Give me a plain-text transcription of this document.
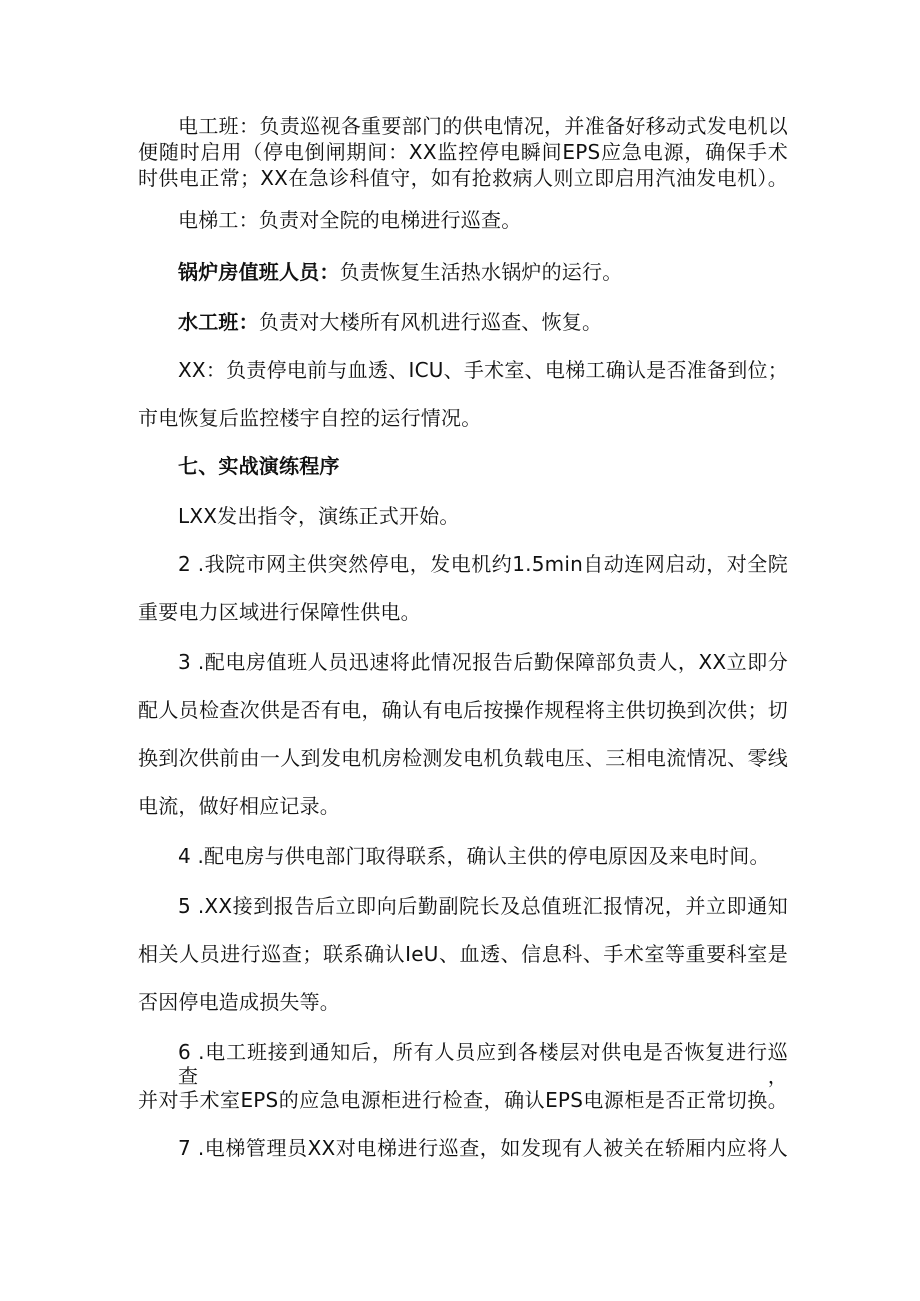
电工班：负责巡视各重要部门的供电情况，并准备好移动式发电机以
便随时启用（停电倒闸期间：XX监控停电瞬间EPS应急电源，确保手术
时供电正常；XX在急诊科值守，如有抢救病人则立即启用汽油发电机）。
电梯工：负责对全院的电梯进行巡查。
锅炉房值班人员：负责恢复生活热水锅炉的运行。
水工班：负责对大楼所有风机进行巡查、恢复。
XX：负责停电前与血透、ICU、手术室、电梯工确认是否准备到位；
市电恢复后监控楼宇自控的运行情况。
七、实战演练程序
LXX发出指令，演练正式开始。
2 .我院市网主供突然停电，发电机约1.5min自动连网启动，对全院
重要电力区域进行保障性供电。
3 .配电房值班人员迅速将此情况报告后勤保障部负责人，XX立即分
配人员检查次供是否有电，确认有电后按操作规程将主供切换到次供；切
换到次供前由一人到发电机房检测发电机负载电压、三相电流情况、零线
电流，做好相应记录。
4 .配电房与供电部门取得联系，确认主供的停电原因及来电时间。
5 .XX接到报告后立即向后勤副院长及总值班汇报情况，并立即通知
相关人员进行巡查；联系确认IeU、血透、信息科、手术室等重要科室是
否因停电造成损失等。
6 .电工班接到通知后，所有人员应到各楼层对供电是否恢复进行巡查，
并对手术室EPS的应急电源柜进行检查，确认EPS电源柜是否正常切换。
7 .电梯管理员XX对电梯进行巡查，如发现有人被关在轿厢内应将人
